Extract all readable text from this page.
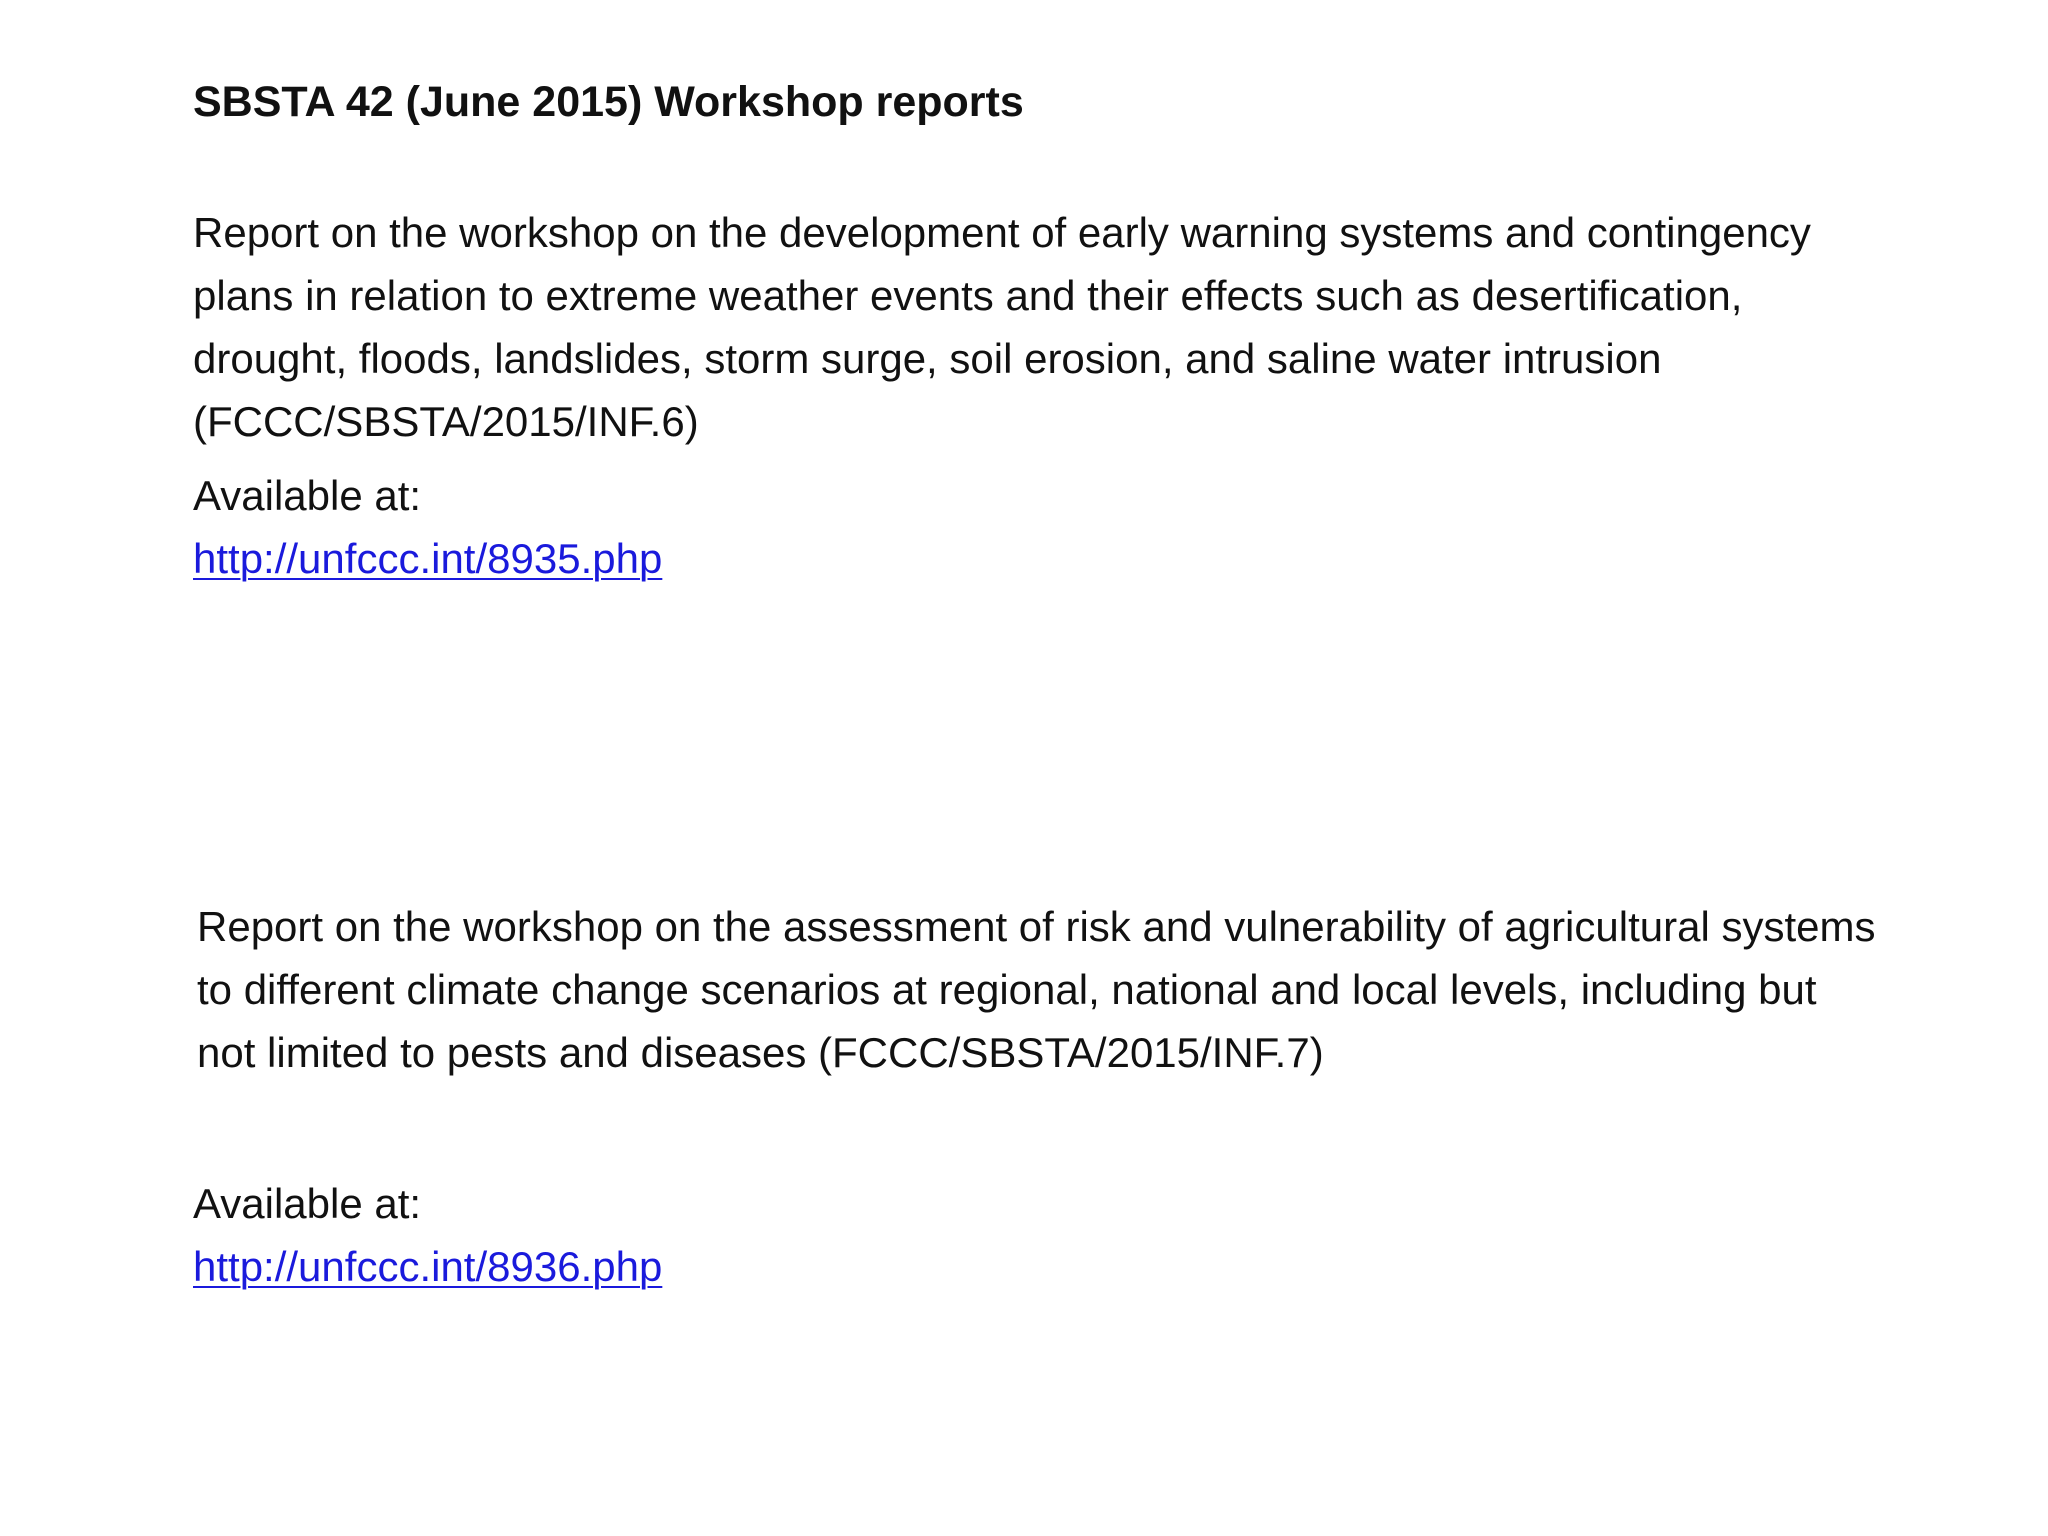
SBSTA 42 (June 2015) Workshop reports

Report on the workshop on the development of early warning systems and contingency plans in relation to extreme weather events and their effects such as desertification, drought, floods, landslides, storm surge, soil erosion, and saline water intrusion (FCCC/SBSTA/2015/INF.6)

Available at:
http://unfccc.int/8935.php

Report on the workshop on the assessment of risk and vulnerability of agricultural systems to different climate change scenarios at regional, national and local levels, including but not limited to pests and diseases (FCCC/SBSTA/2015/INF.7)

Available at:
http://unfccc.int/8936.php
